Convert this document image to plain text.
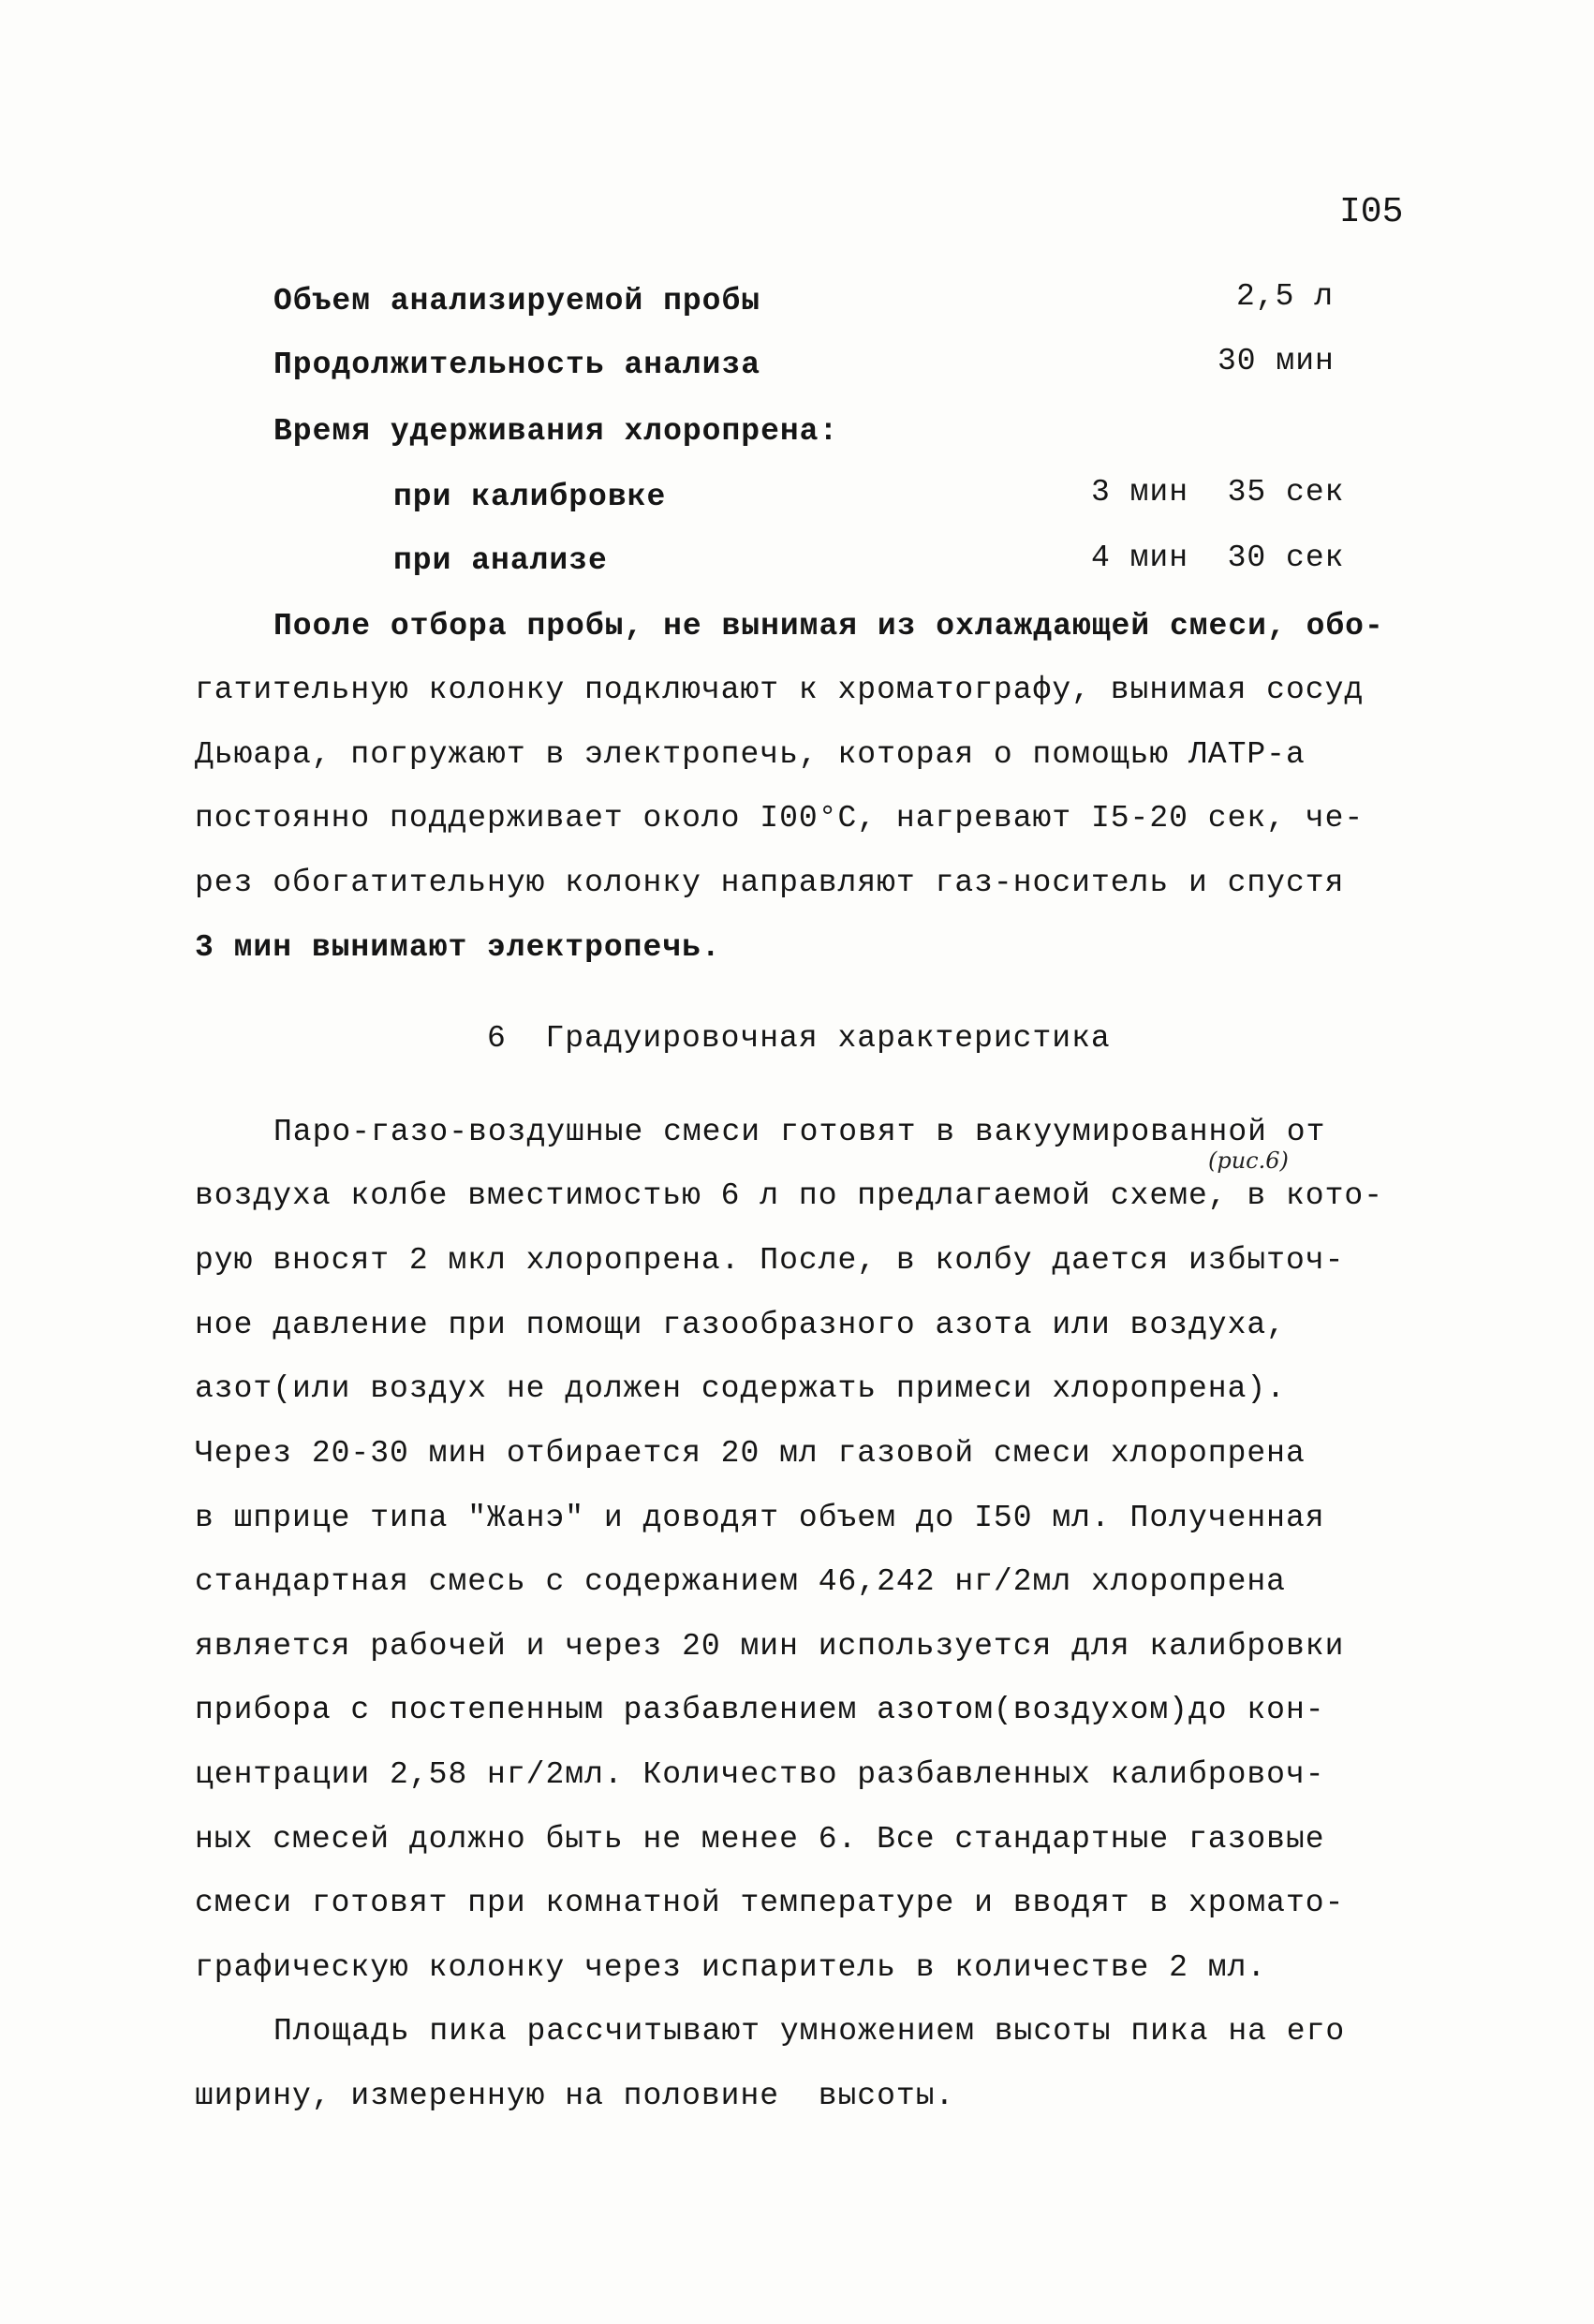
I05
Объем анализируемой пробы	2,5 л
Продолжительность анализа	30 мин
Время удерживания хлоропрена:
при калибровке	3 мин  35 сек
при анализе	4 мин  30 сек
Пооле отбора пробы, не вынимая из охлаждающей смеси, обо-
гатительную колонку подключают к хроматографу, вынимая сосуд
Дьюара, погружают в электропечь, которая о помощью ЛАТР-а
постоянно поддерживает около I00°С, нагревают I5-20 сек, че-
рез обогатительную колонку направляют газ-носитель и спустя
3 мин вынимают электропечь.
6  Градуировочная характеристика
(рис.6)
Паро-газо-воздушные смеси готовят в вакуумированной от
воздуха колбе вместимостью 6 л по предлагаемой схеме, в кото-
рую вносят 2 мкл хлоропрена. После, в колбу дается избыточ-
ное давление при помощи газообразного азота или воздуха,
азот(или воздух не должен содержать примеси хлоропрена).
Через 20-30 мин отбирается 20 мл газовой смеси хлоропрена
в шприце типа "Жанэ" и доводят объем до I50 мл. Полученная
стандартная смесь с содержанием 46,242 нг/2мл хлоропрена
является рабочей и через 20 мин используется для калибровки
прибора с постепенным разбавлением азотом(воздухом)до кон-
центрации 2,58 нг/2мл. Количество разбавленных калибровоч-
ных смесей должно быть не менее 6. Все стандартные газовые
смеси готовят при комнатной температуре и вводят в хромато-
графическую колонку через испаритель в количестве 2 мл.
Площадь пика рассчитывают умножением высоты пика на его
ширину, измеренную на половине  высоты.
